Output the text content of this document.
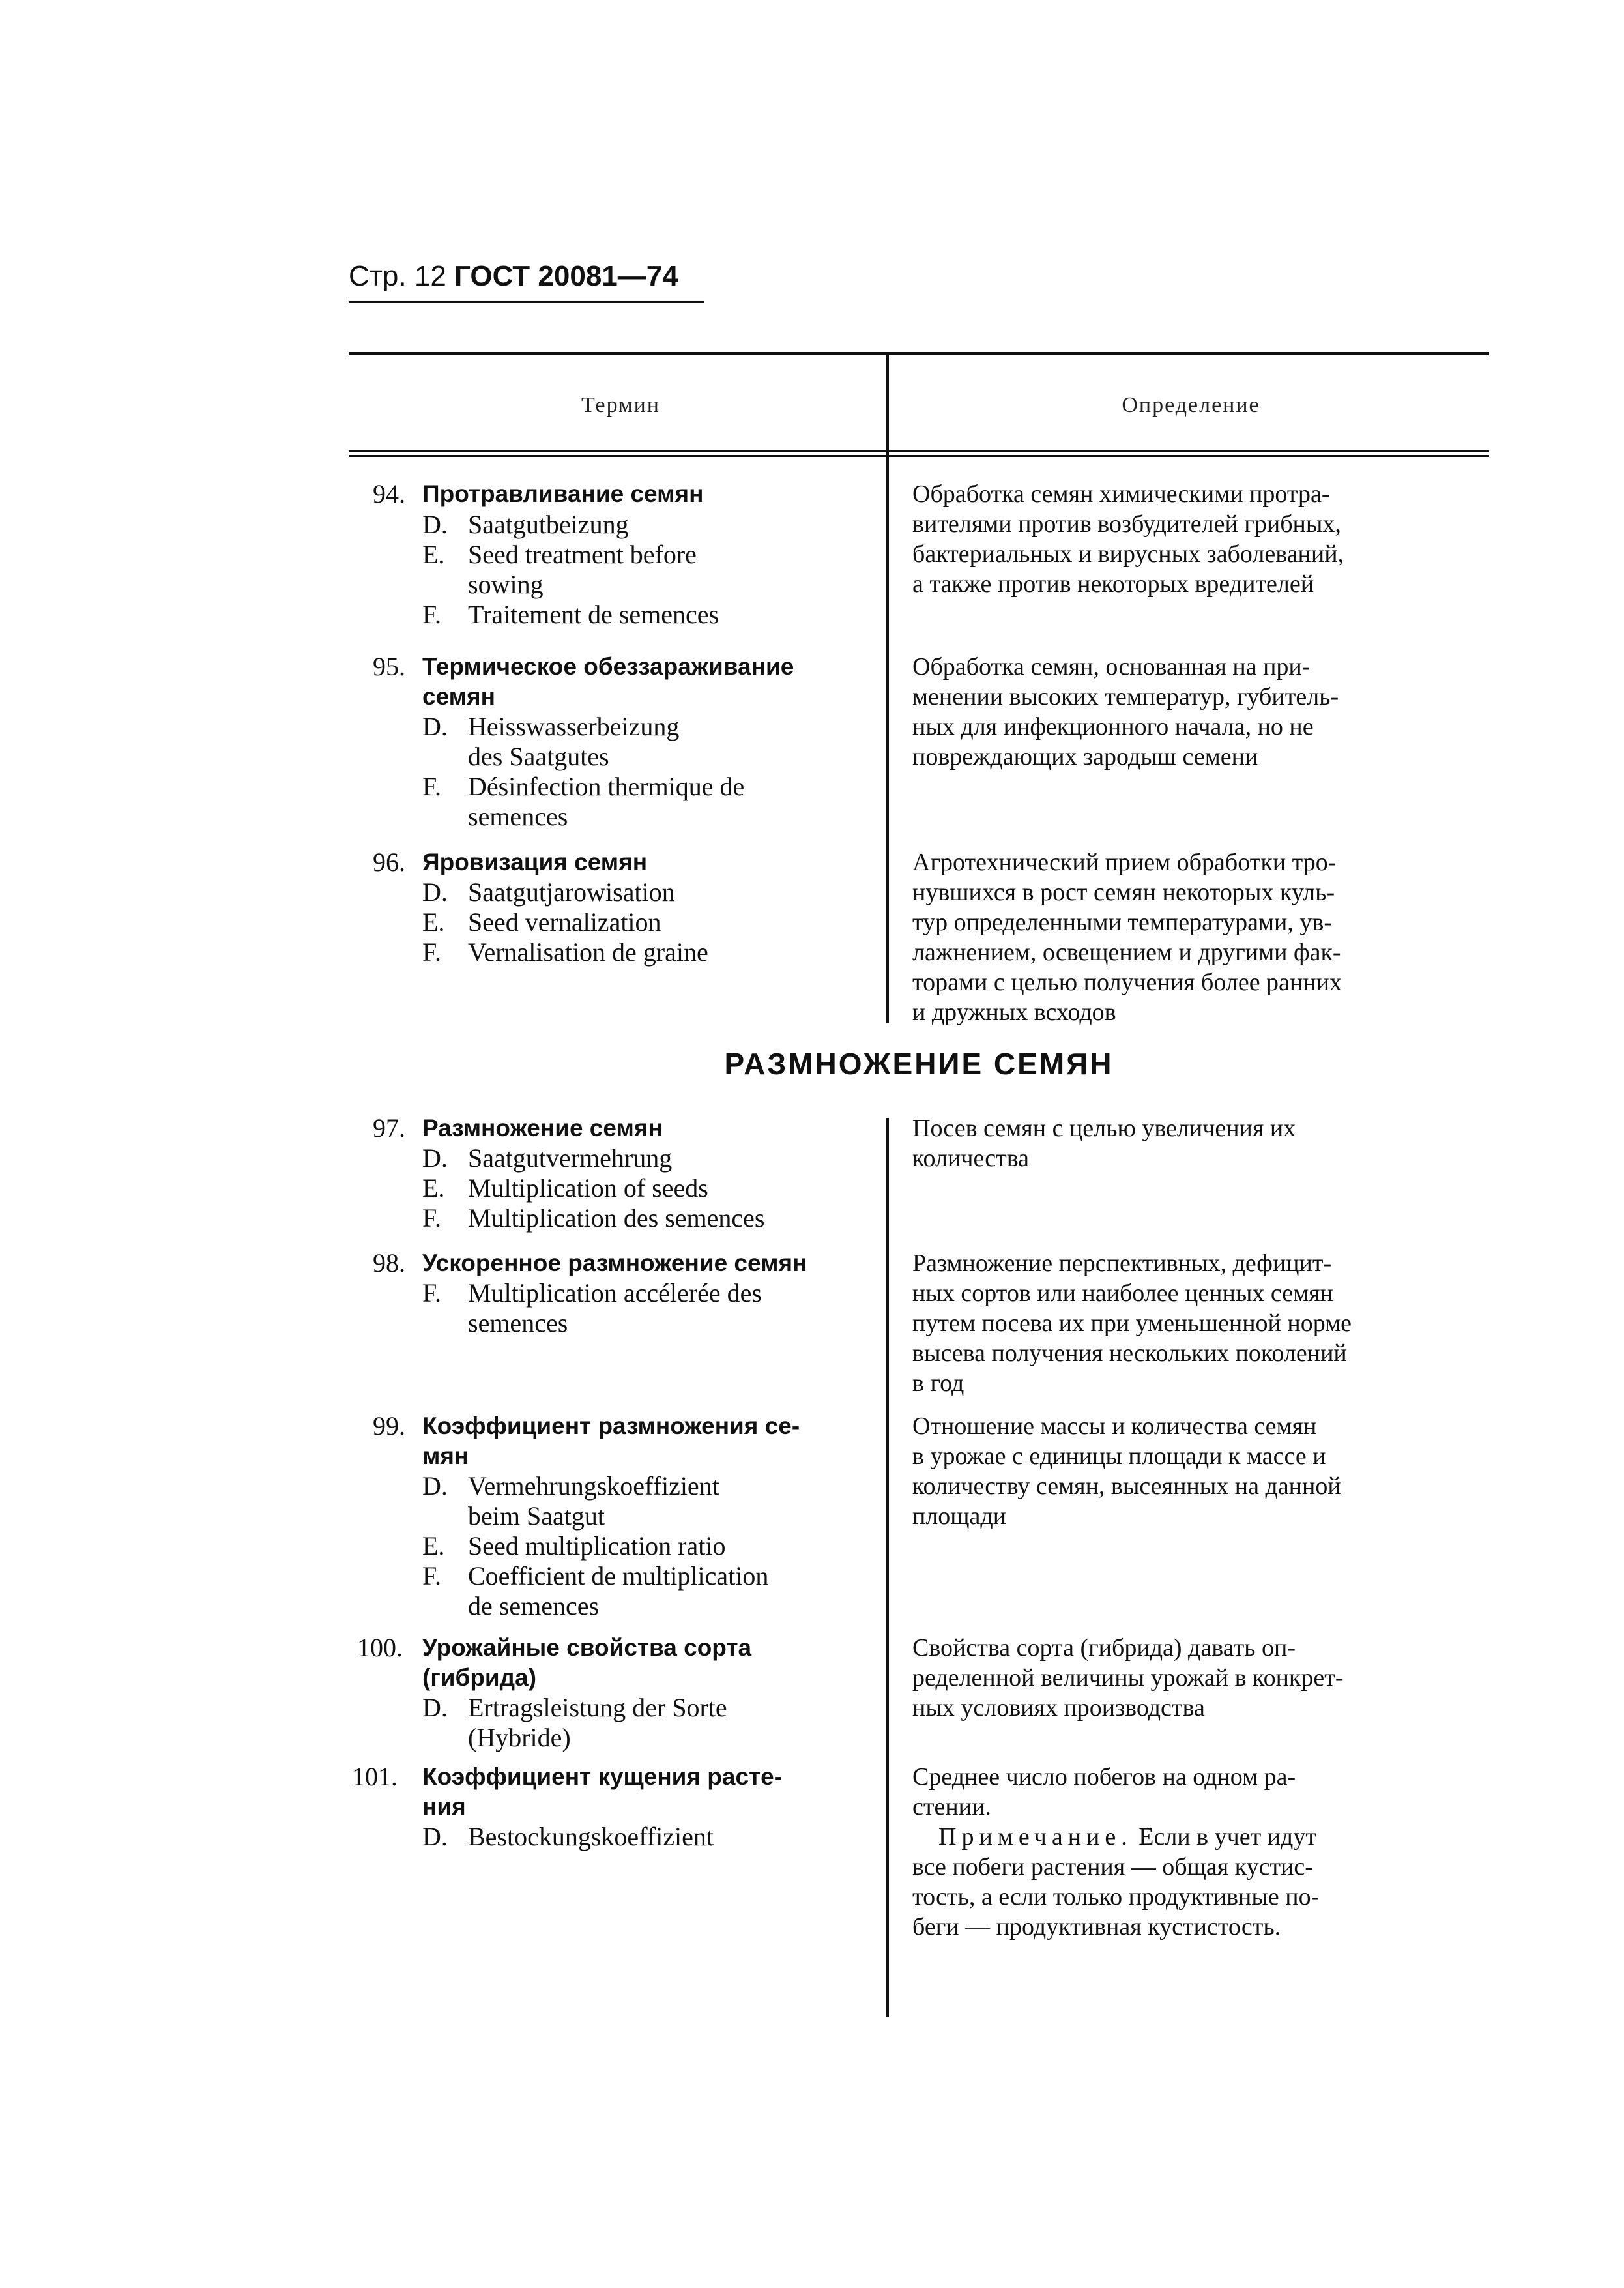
Стр. 12 ГОСТ 20081—74
Термин	Определение
РАЗМНОЖЕНИЕ СЕМЯН
94. Протравливание семян
D. Saatgutbeizung
E. Seed treatment before
sowing
F. Traitement de semences
Обработка семян химическими протра-
вителями против возбудителей грибных,
бактериальных и вирусных заболеваний,
а также против некоторых вредителей
95. Термическое обеззараживание
семян
D. Heisswasserbeizung
des Saatgutes
F. Désinfection thermique de
semences
Обработка семян, основанная на при-
менении высоких температур, губитель-
ных для инфекционного начала, но не
повреждающих зародыш семени
96. Яровизация семян
D. Saatgutjarowisation
E. Seed vernalization
F. Vernalisation de graine
Агротехнический прием обработки тро-
нувшихся в рост семян некоторых куль-
тур определенными температурами, ув-
лажнением, освещением и другими фак-
торами с целью получения более ранних
и дружных всходов
97. Размножение семян
D. Saatgutvermehrung
E. Multiplication of seeds
F. Multiplication des semences
Посев семян с целью увеличения их
количества
98. Ускоренное размножение семян
F. Multiplication accélerée des
semences
Размножение перспективных, дефицит-
ных сортов или наиболее ценных семян
путем посева их при уменьшенной норме
высева получения нескольких поколений
в год
99. Коэффициент размножения се-
мян
D. Vermehrungskoeffizient
beim Saatgut
E. Seed multiplication ratio
F. Coefficient de multiplication
de semences
Отношение массы и количества семян
в урожае с единицы площади к массе и
количеству семян, высеянных на данной
площади
100. Урожайные свойства сорта
(гибрида)
D. Ertragsleistung der Sorte
(Hybride)
Свойства сорта (гибрида) давать оп-
ределенной величины урожай в конкрет-
ных условиях производства
101. Коэффициент кущения расте-
ния
D. Bestockungskoeffizient
Среднее число побегов на одном ра-
стении.
Примечание. Если в учет идут
все побеги растения — общая кустис-
тость, а если только продуктивные по-
беги — продуктивная кустистость.
